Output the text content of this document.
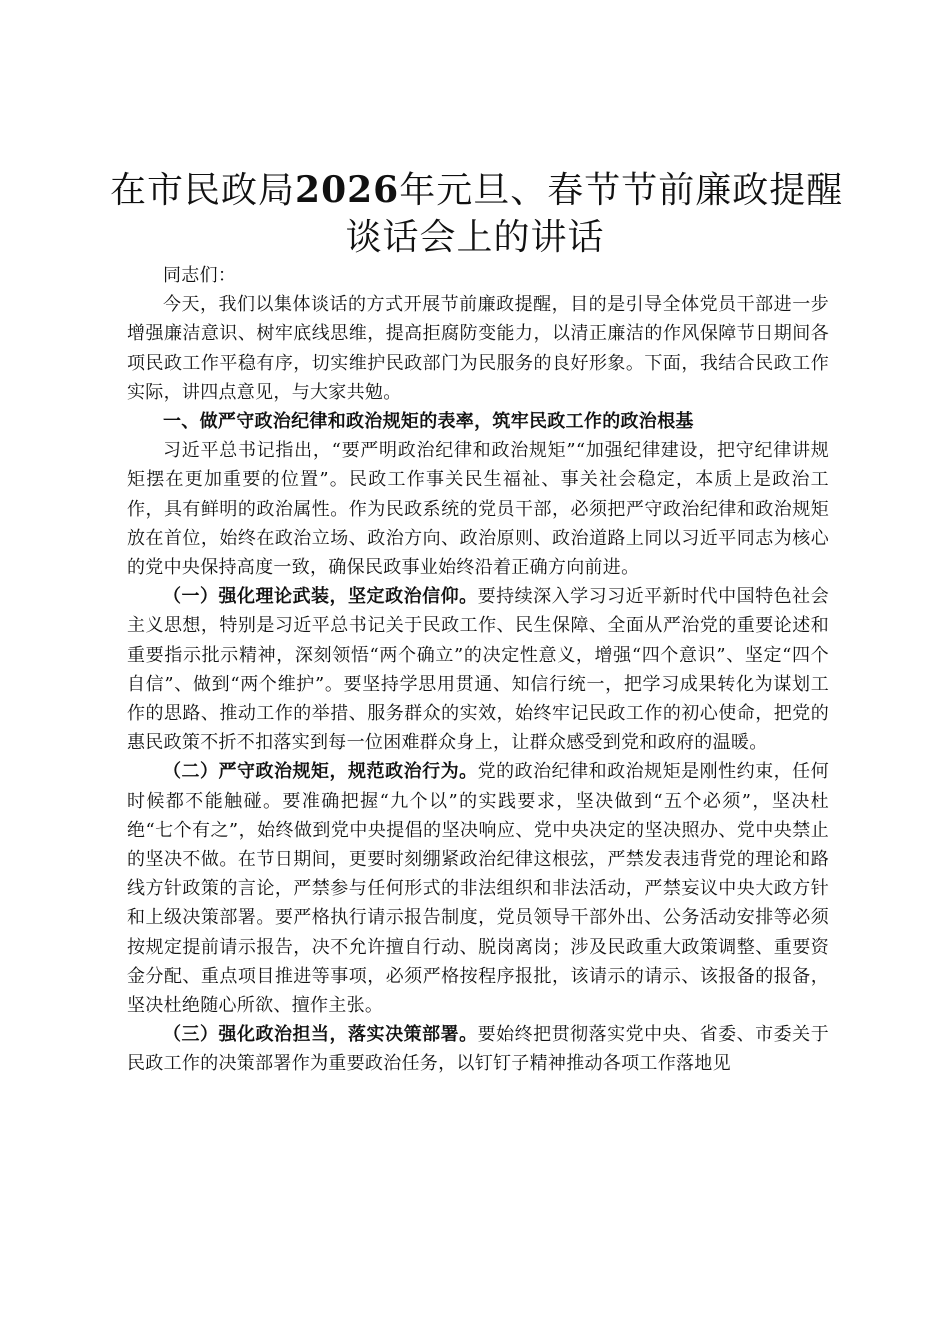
在市民政局2026年元旦、春节节前廉政提醒
谈话会上的讲话

同志们：

今天，我们以集体谈话的方式开展节前廉政提醒，目的是引导全体党员干部进一步增强廉洁意识、树牢底线思维，提高拒腐防变能力，以清正廉洁的作风保障节日期间各项民政工作平稳有序，切实维护民政部门为民服务的良好形象。下面，我结合民政工作实际，讲四点意见，与大家共勉。

一、做严守政治纪律和政治规矩的表率，筑牢民政工作的政治根基

习近平总书记指出，“要严明政治纪律和政治规矩”“加强纪律建设，把守纪律讲规矩摆在更加重要的位置”。民政工作事关民生福祉、事关社会稳定，本质上是政治工作，具有鲜明的政治属性。作为民政系统的党员干部，必须把严守政治纪律和政治规矩放在首位，始终在政治立场、政治方向、政治原则、政治道路上同以习近平同志为核心的党中央保持高度一致，确保民政事业始终沿着正确方向前进。

（一）强化理论武装，坚定政治信仰。要持续深入学习习近平新时代中国特色社会主义思想，特别是习近平总书记关于民政工作、民生保障、全面从严治党的重要论述和重要指示批示精神，深刻领悟“两个确立”的决定性意义，增强“四个意识”、坚定“四个自信”、做到“两个维护”。要坚持学思用贯通、知信行统一，把学习成果转化为谋划工作的思路、推动工作的举措、服务群众的实效，始终牢记民政工作的初心使命，把党的惠民政策不折不扣落实到每一位困难群众身上，让群众感受到党和政府的温暖。

（二）严守政治规矩，规范政治行为。党的政治纪律和政治规矩是刚性约束，任何时候都不能触碰。要准确把握“九个以”的实践要求，坚决做到“五个必须”，坚决杜绝“七个有之”，始终做到党中央提倡的坚决响应、党中央决定的坚决照办、党中央禁止的坚决不做。在节日期间，更要时刻绷紧政治纪律这根弦，严禁发表违背党的理论和路线方针政策的言论，严禁参与任何形式的非法组织和非法活动，严禁妄议中央大政方针和上级决策部署。要严格执行请示报告制度，党员领导干部外出、公务活动安排等必须按规定提前请示报告，决不允许擅自行动、脱岗离岗；涉及民政重大政策调整、重要资金分配、重点项目推进等事项，必须严格按程序报批，该请示的请示、该报备的报备，坚决杜绝随心所欲、擅作主张。

（三）强化政治担当，落实决策部署。要始终把贯彻落实党中央、省委、市委关于民政工作的决策部署作为重要政治任务，以钉钉子精神推动各项工作落地见
